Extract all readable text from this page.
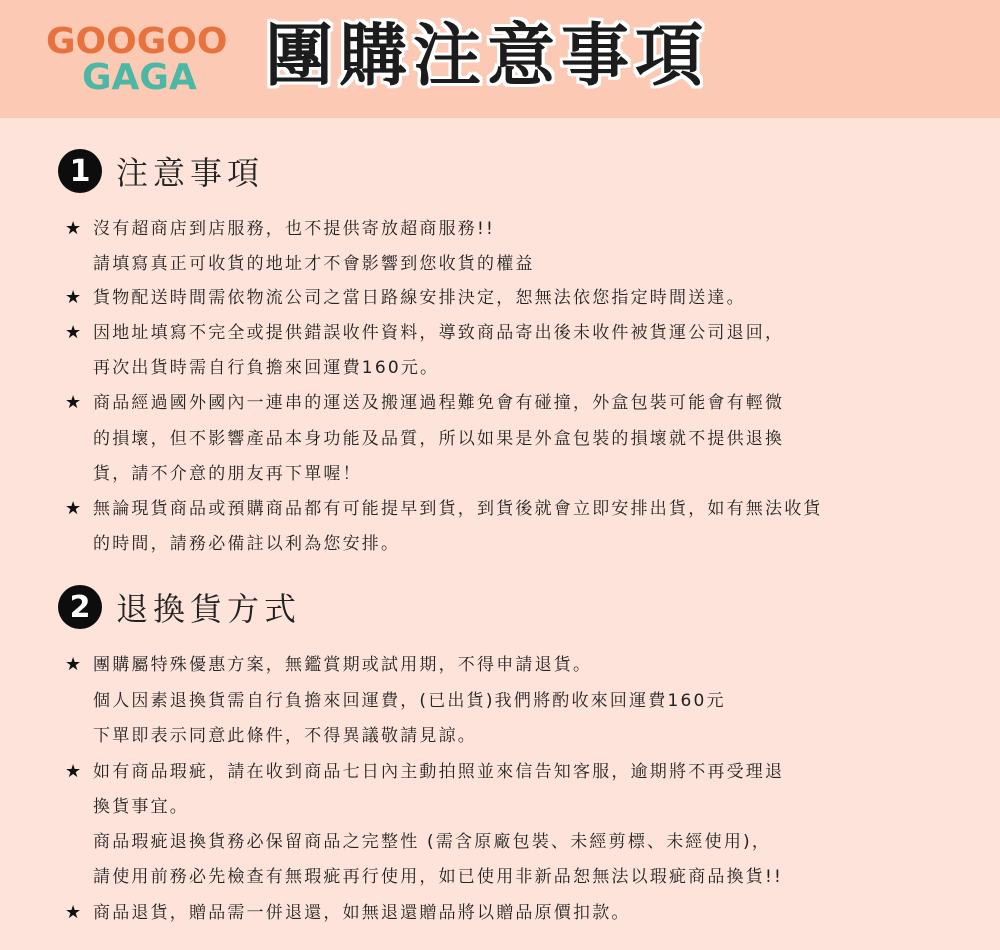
GOOGOO
GAGA	團購注意事項
1 注意事項
★ 沒有超商店到店服務，也不提供寄放超商服務!!
請填寫真正可收貨的地址才不會影響到您收貨的權益
★ 貨物配送時間需依物流公司之當日路線安排決定，恕無法依您指定時間送達。
★ 因地址填寫不完全或提供錯誤收件資料，導致商品寄出後未收件被貨運公司退回，
再次出貨時需自行負擔來回運費160元。
★ 商品經過國外國內一連串的運送及搬運過程難免會有碰撞，外盒包裝可能會有輕微
的損壞，但不影響產品本身功能及品質，所以如果是外盒包裝的損壞就不提供退換
貨，請不介意的朋友再下單喔！
★ 無論現貨商品或預購商品都有可能提早到貨，到貨後就會立即安排出貨，如有無法收貨
的時間，請務必備註以利為您安排。
2 退換貨方式
★ 團購屬特殊優惠方案，無鑑賞期或試用期，不得申請退貨。
個人因素退換貨需自行負擔來回運費，(已出貨)我們將酌收來回運費160元
下單即表示同意此條件，不得異議敬請見諒。
★ 如有商品瑕疵，請在收到商品七日內主動拍照並來信告知客服，逾期將不再受理退
換貨事宜。
商品瑕疵退換貨務必保留商品之完整性 (需含原廠包裝、未經剪標、未經使用)，
請使用前務必先檢查有無瑕疵再行使用，如已使用非新品恕無法以瑕疵商品換貨!!
★ 商品退貨，贈品需一併退還，如無退還贈品將以贈品原價扣款。
